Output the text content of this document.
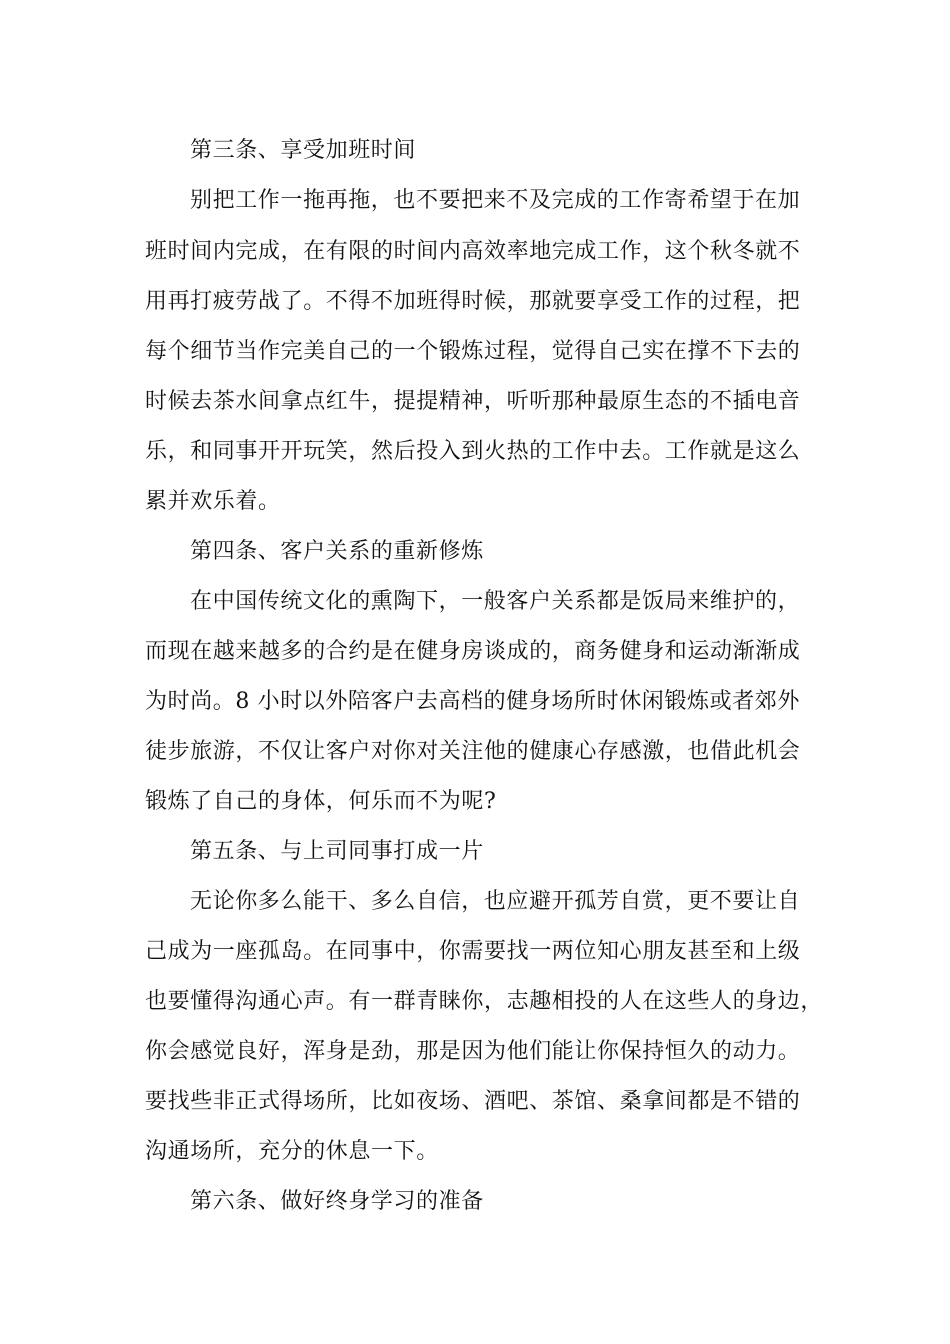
第三条、享受加班时间
别把工作一拖再拖，也不要把来不及完成的工作寄希望于在加
班时间内完成，在有限的时间内高效率地完成工作，这个秋冬就不
用再打疲劳战了。不得不加班得时候，那就要享受工作的过程，把
每个细节当作完美自己的一个锻炼过程，觉得自己实在撑不下去的
时候去茶水间拿点红牛，提提精神，听听那种最原生态的不插电音
乐，和同事开开玩笑，然后投入到火热的工作中去。工作就是这么
累并欢乐着。
第四条、客户关系的重新修炼
在中国传统文化的熏陶下，一般客户关系都是饭局来维护的，
而现在越来越多的合约是在健身房谈成的，商务健身和运动渐渐成
为时尚。8 小时以外陪客户去高档的健身场所时休闲锻炼或者郊外
徒步旅游，不仅让客户对你对关注他的健康心存感激，也借此机会
锻炼了自己的身体，何乐而不为呢?
第五条、与上司同事打成一片
无论你多么能干、多么自信，也应避开孤芳自赏，更不要让自
己成为一座孤岛。在同事中，你需要找一两位知心朋友甚至和上级
也要懂得沟通心声。有一群青睐你，志趣相投的人在这些人的身边，
你会感觉良好，浑身是劲，那是因为他们能让你保持恒久的动力。
要找些非正式得场所，比如夜场、酒吧、茶馆、桑拿间都是不错的
沟通场所，充分的休息一下。
第六条、做好终身学习的准备
